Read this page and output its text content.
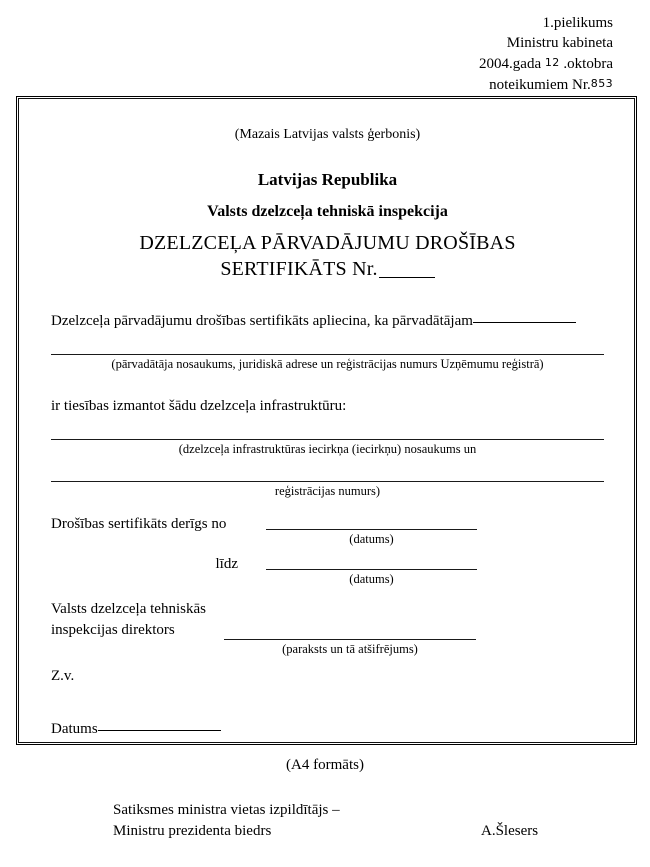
1.pielikums
Ministru kabineta
2004.gada 12 .oktobra
noteikumiem Nr.853
(Mazais Latvijas valsts ģerbonis)
Latvijas Republika
Valsts dzelzceļa tehniskā inspekcija
DZELZCEĻA PĀRVADĀJUMU DROŠĪBAS
SERTIFIKĀTS Nr.
Dzelzceļa pārvadājumu drošības sertifikāts apliecina, ka pārvadātājam
(pārvadātāja nosaukums, juridiskā adrese un reģistrācijas numurs Uzņēmumu reģistrā)
ir tiesības izmantot šādu dzelzceļa infrastruktūru:
(dzelzceļa infrastruktūras iecirkņa (iecirkņu) nosaukums un
reģistrācijas numurs)
Drošības sertifikāts derīgs no
(datums)
līdz
(datums)
Valsts dzelzceļa tehniskās
inspekcijas direktors
(paraksts un tā atšifrējums)
Z.v.
Datums
(A4 formāts)
Satiksmes ministra vietas izpildītājs –
Ministru prezidenta biedrs	A.Šlesers
